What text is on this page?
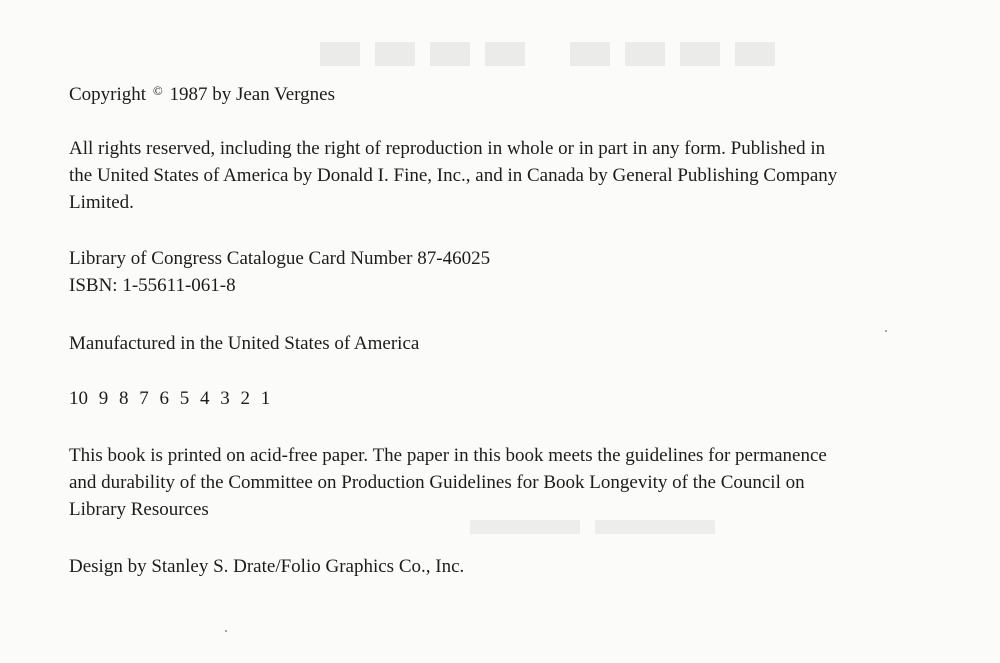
Copyright © 1987 by Jean Vergnes

All rights reserved, including the right of reproduction in whole or in part in any form. Published in
the United States of America by Donald I. Fine, Inc., and in Canada by General Publishing Company
Limited.

Library of Congress Catalogue Card Number 87-46025

ISBN: 1-55611-061-8

Manufactured in the United States of America

10 9 8 7 6 5 4 3 2 1

This book is printed on acid-free paper. The paper in this book meets the guidelines for permanence
and durability of the Committee on Production Guidelines for Book Longevity of the Council on
Library Resources

Design by Stanley S. Drate/Folio Graphics Co., Inc.
